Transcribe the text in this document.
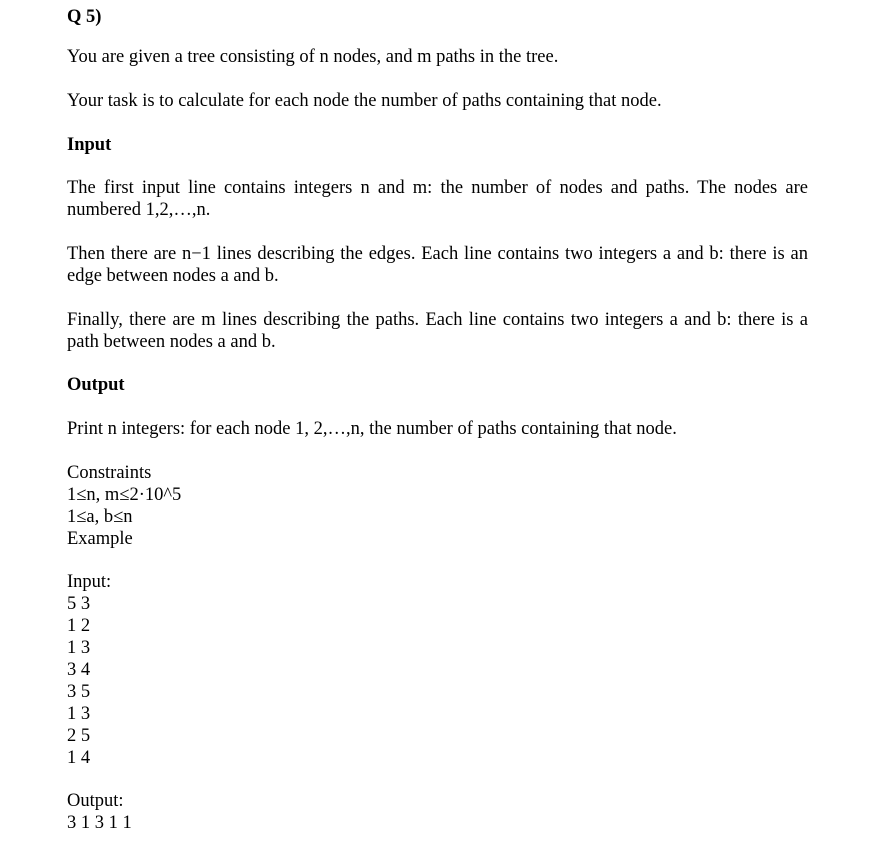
Q 5)
You are given a tree consisting of n nodes, and m paths in the tree.
Your task is to calculate for each node the number of paths containing that node.
Input
The first input line contains integers n and m: the number of nodes and paths. The nodes are numbered 1,2,…,n.
Then there are n−1 lines describing the edges. Each line contains two integers a and b: there is an edge between nodes a and b.
Finally, there are m lines describing the paths. Each line contains two integers a and b: there is a path between nodes a and b.
Output
Print n integers: for each node 1, 2,…,n, the number of paths containing that node.
Constraints
1≤n, m≤2·10^5
1≤a, b≤n
Example
Input:
5 3
1 2
1 3
3 4
3 5
1 3
2 5
1 4
Output:
3 1 3 1 1
